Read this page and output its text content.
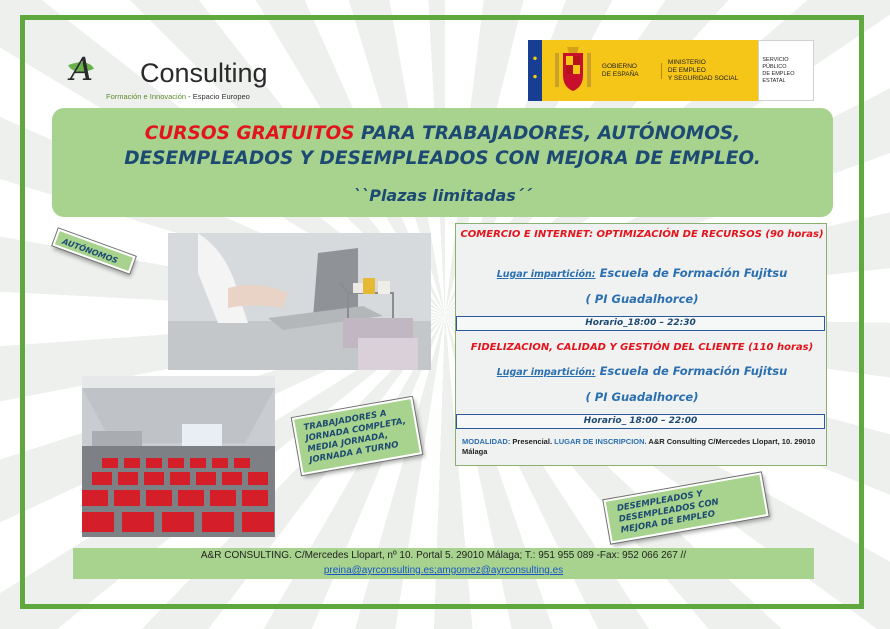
A Consulting
Formación e Innovación - Espacio Europeo
GOBIERNO
DE ESPAÑA
MINISTERIO
DE EMPLEO
Y SEGURIDAD SOCIAL
SERVICIO PÚBLICO
DE EMPLEO ESTATAL
CURSOS GRATUITOS PARA TRABAJADORES, AUTÓNOMOS,
DESEMPLEADOS Y DESEMPLEADOS CON MEJORA DE EMPLEO.
``Plazas limitadas´´
AUTÓNOMOS
TRABAJADORES A JORNADA COMPLETA, MEDIA JORNADA, JORNADA A TURNO
COMERCIO E INTERNET: OPTIMIZACIÓN DE RECURSOS (90 horas)
Lugar impartición: Escuela de Formación Fujitsu
( PI Guadalhorce)
Horario_18:00 – 22:30
FIDELIZACION, CALIDAD Y GESTIÓN DEL CLIENTE (110 horas)
Lugar impartición: Escuela de Formación Fujitsu
( PI Guadalhorce)
Horario_ 18:00 – 22:00
MODALIDAD: Presencial. LUGAR DE INSCRIPCION. A&R Consulting C/Mercedes Llopart, 10. 29010 Málaga
DESEMPLEADOS Y DESEMPLEADOS CON MEJORA DE EMPLEO
A&R CONSULTING. C/Mercedes Llopart, nº 10. Portal 5. 29010 Málaga; T.: 951 955 089 -Fax: 952 066 267 //
preina@ayrconsulting.es;amgomez@ayrconsulting.es
